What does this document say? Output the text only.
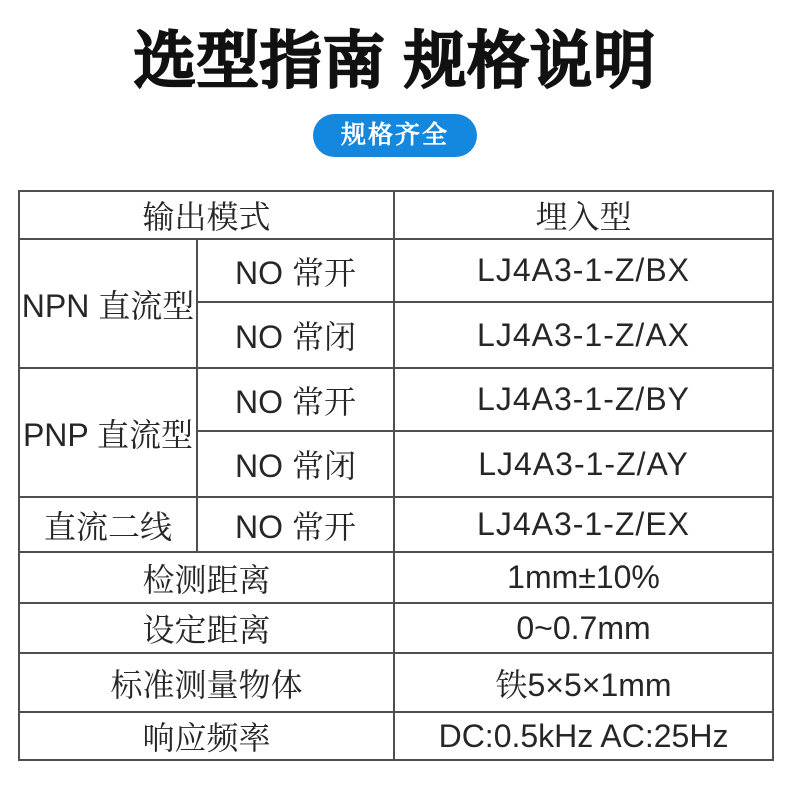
选型指南 规格说明
规格齐全
输出模式		埋入型
NPN 直流型	NO 常开	LJ4A3-1-Z/BX
	NO 常闭	LJ4A3-1-Z/AX
PNP 直流型	NO 常开	LJ4A3-1-Z/BY
	NO 常闭	LJ4A3-1-Z/AY
直流二线	NO 常开	LJ4A3-1-Z/EX
检测距离		1mm±10%
设定距离		0~0.7mm
标准测量物体		铁5×5×1mm
响应频率		DC:0.5kHz AC:25Hz
